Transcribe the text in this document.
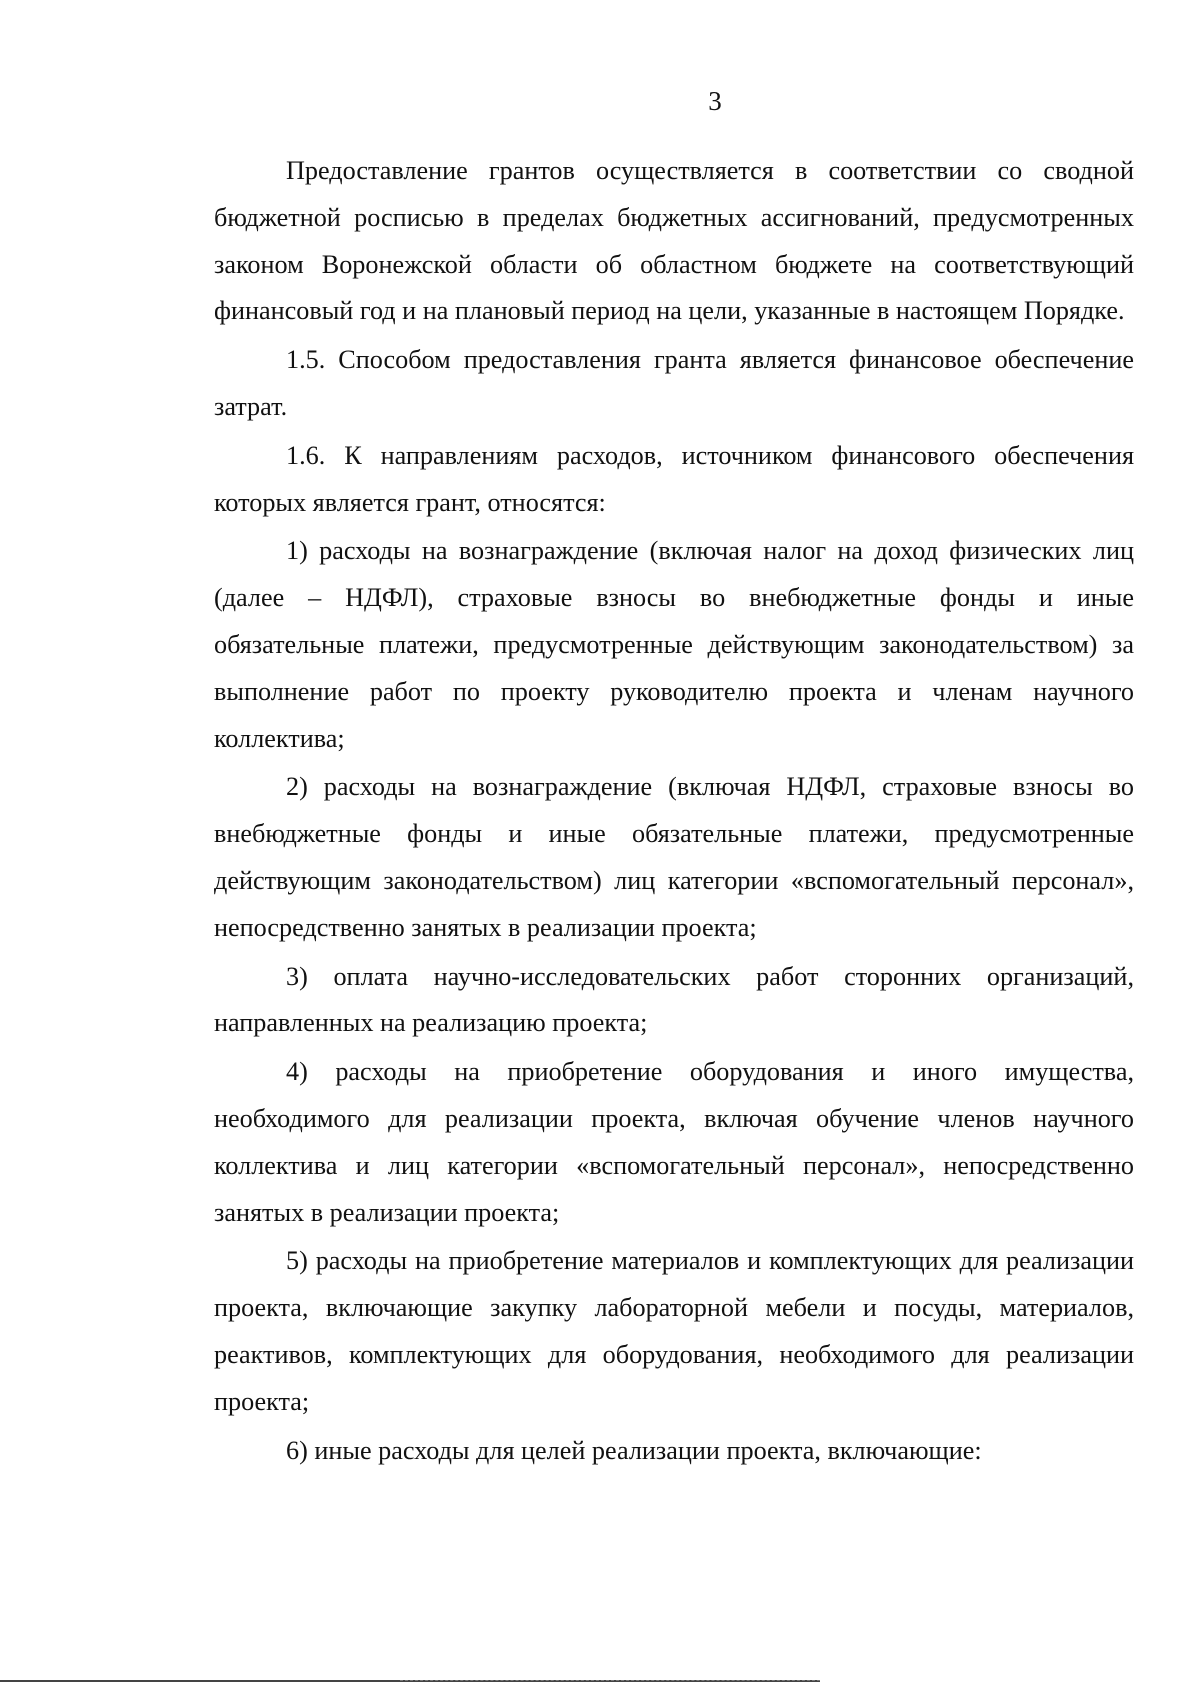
3

Предоставление грантов осуществляется в соответствии со сводной бюджетной росписью в пределах бюджетных ассигнований, предусмотренных законом Воронежской области об областном бюджете на соответствующий финансовый год и на плановый период на цели, указанные в настоящем Порядке.

1.5. Способом предоставления гранта является финансовое обеспечение затрат.

1.6. К направлениям расходов, источником финансового обеспечения которых является грант, относятся:

1) расходы на вознаграждение (включая налог на доход физических лиц (далее – НДФЛ), страховые взносы во внебюджетные фонды и иные обязательные платежи, предусмотренные действующим законодательством) за выполнение работ по проекту руководителю проекта и членам научного коллектива;

2) расходы на вознаграждение (включая НДФЛ, страховые взносы во внебюджетные фонды и иные обязательные платежи, предусмотренные действующим законодательством) лиц категории «вспомогательный персонал», непосредственно занятых в реализации проекта;

3) оплата научно-исследовательских работ сторонних организаций, направленных на реализацию проекта;

4) расходы на приобретение оборудования и иного имущества, необходимого для реализации проекта, включая обучение членов научного коллектива и лиц категории «вспомогательный персонал», непосредственно занятых в реализации проекта;

5) расходы на приобретение материалов и комплектующих для реализации проекта, включающие закупку лабораторной мебели и посуды, материалов, реактивов, комплектующих для оборудования, необходимого для реализации проекта;

6) иные расходы для целей реализации проекта, включающие:
